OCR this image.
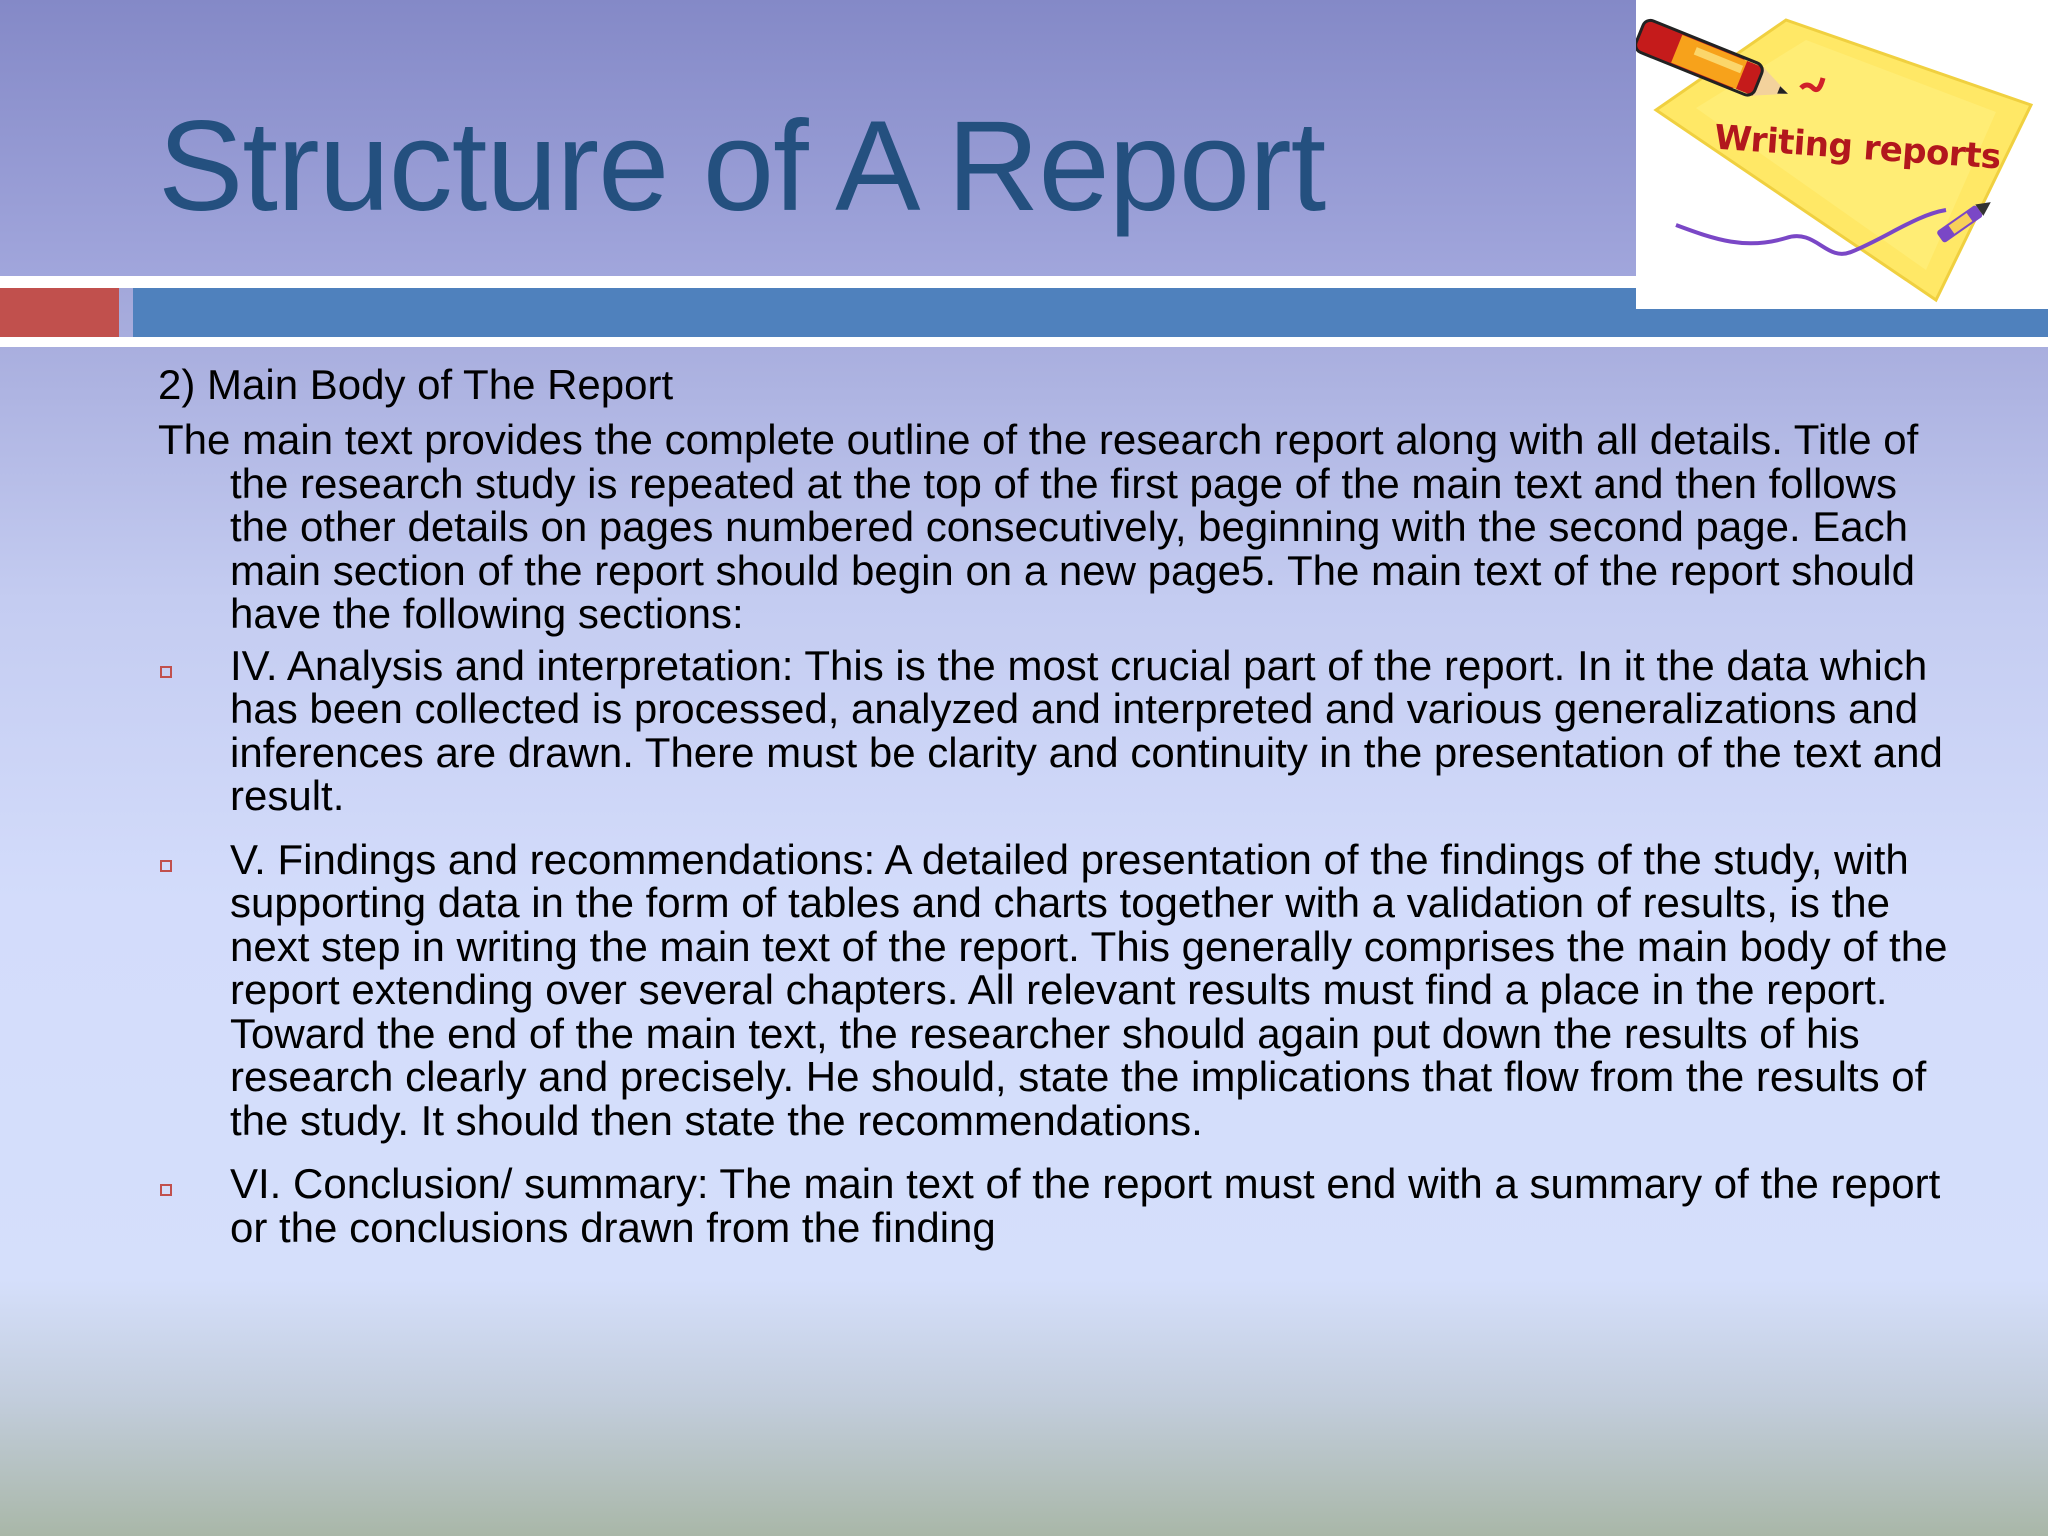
Structure of A Report	Writing reports

2) Main Body of The Report

The main text provides the complete outline of the research report along with all details. Title of the research study is repeated at the top of the first page of the main text and then follows the other details on pages numbered consecutively, beginning with the second page. Each main section of the report should begin on a new page5. The main text of the report should have the following sections:

IV. Analysis and interpretation: This is the most crucial part of the report. In it the data which has been collected is processed, analyzed and interpreted and various generalizations and inferences are drawn. There must be clarity and continuity in the presentation of the text and result.
V. Findings and recommendations: A detailed presentation of the findings of the study, with supporting data in the form of tables and charts together with a validation of results, is the next step in writing the main text of the report. This generally comprises the main body of the report extending over several chapters. All relevant results must find a place in the report. Toward the end of the main text, the researcher should again put down the results of his research clearly and precisely. He should, state the implications that flow from the results of the study. It should then state the recommendations.
VI. Conclusion/ summary: The main text of the report must end with a summary of the report or the conclusions drawn from the finding
